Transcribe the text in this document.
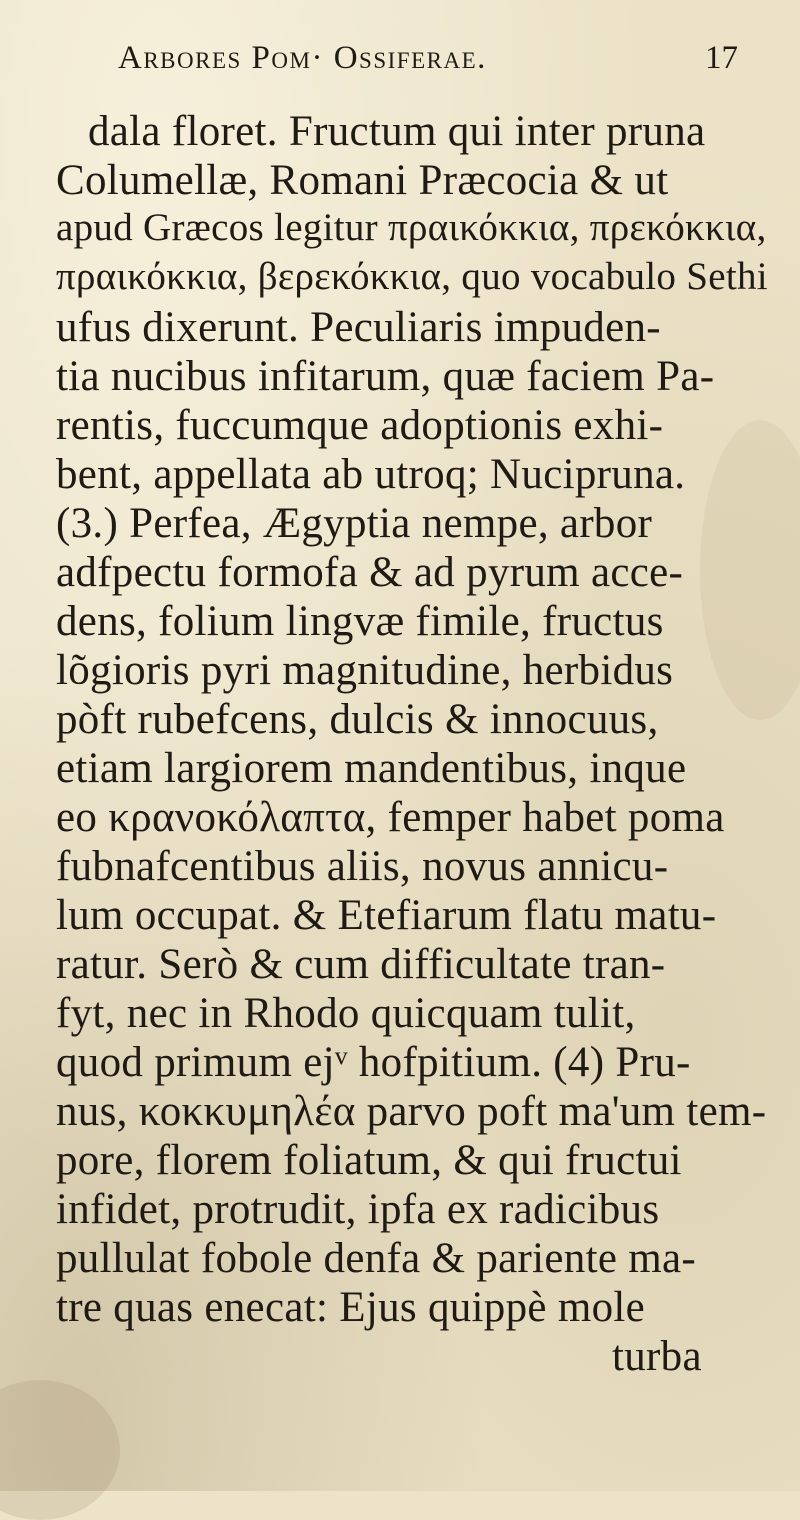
Arbores Pom· Ossiferae.	17
dala floret. Fructum qui inter pruna
Columellæ, Romani Præcocia & ut
apud Græcos legitur πραικόκκια, πρεκόκκια,
πραικόκκια, βερεκόκκια, quo vocabulo Sethi
ufus dixerunt. Peculiaris impuden-
tia nucibus infitarum, quæ faciem Pa-
rentis, fuccumque adoptionis exhi-
bent, appellata ab utroq; Nucipruna.
(3.) Perfea, Ægyptia nempe, arbor
adfpectu formofa & ad pyrum acce-
dens, folium lingvæ fimile, fructus
lõgioris pyri magnitudine, herbidus
pòft rubefcens, dulcis & innocuus,
etiam largiorem mandentibus, inque
eo κρανοκόλαπτα, femper habet poma
fubnafcentibus aliis, novus annicu-
lum occupat. & Etefiarum flatu matu-
ratur. Serò & cum difficultate tran-
fyt, nec in Rhodo quicquam tulit,
quod primum ejᵛ hofpitium. (4) Pru-
nus, κοκκυμηλέα parvo poft ma'um tem-
pore, florem foliatum, & qui fructui
infidet, protrudit, ipfa ex radicibus
pullulat fobole denfa & pariente ma-
tre quas enecat: Ejus quippè mole
turba
